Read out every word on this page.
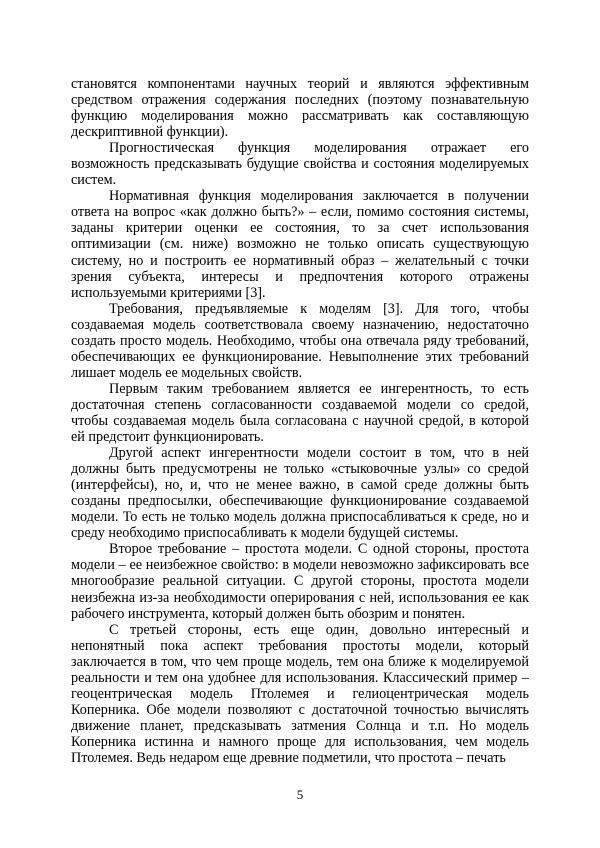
становятся компонентами научных теорий и являются эффективным средством отражения содержания последних (поэтому познавательную функцию моделирования можно рассматривать как составляющую дескриптивной функции).

Прогностическая функция моделирования отражает его возможность предсказывать будущие свойства и состояния моделируемых систем.

Нормативная функция моделирования заключается в получении ответа на вопрос «как должно быть?» – если, помимо состояния системы, заданы критерии оценки ее состояния, то за счет использования оптимизации (см. ниже) возможно не только описать существующую систему, но и построить ее нормативный образ – желательный с точки зрения субъекта, интересы и предпочтения которого отражены используемыми критериями [3].

Требования, предъявляемые к моделям [3]. Для того, чтобы создаваемая модель соответствовала своему назначению, недостаточно создать просто модель. Необходимо, чтобы она отвечала ряду требований, обеспечивающих ее функционирование. Невыполнение этих требований лишает модель ее модельных свойств.

Первым таким требованием является ее ингерентность, то есть достаточная степень согласованности создаваемой модели со средой, чтобы создаваемая модель была согласована с научной средой, в которой ей предстоит функционировать.

Другой аспект ингерентности модели состоит в том, что в ней должны быть предусмотрены не только «стыковочные узлы» со средой (интерфейсы), но, и, что не менее важно, в самой среде должны быть созданы предпосылки, обеспечивающие функционирование создаваемой модели. То есть не только модель должна приспосабливаться к среде, но и среду необходимо приспосабливать к модели будущей системы.

Второе требование – простота модели. С одной стороны, простота модели – ее неизбежное свойство: в модели невозможно зафиксировать все многообразие реальной ситуации. С другой стороны, простота модели неизбежна из-за необходимости оперирования с ней, использования ее как рабочего инструмента, который должен быть обозрим и понятен.

С третьей стороны, есть еще один, довольно интересный и непонятный пока аспект требования простоты модели, который заключается в том, что чем проще модель, тем она ближе к моделируемой реальности и тем она удобнее для использования. Классический пример – геоцентрическая модель Птолемея и гелиоцентрическая модель Коперника. Обе модели позволяют с достаточной точностью вычислять движение планет, предсказывать затмения Солнца и т.п. Но модель Коперника истинна и намного проще для использования, чем модель Птолемея. Ведь недаром еще древние подметили, что простота – печать

5
